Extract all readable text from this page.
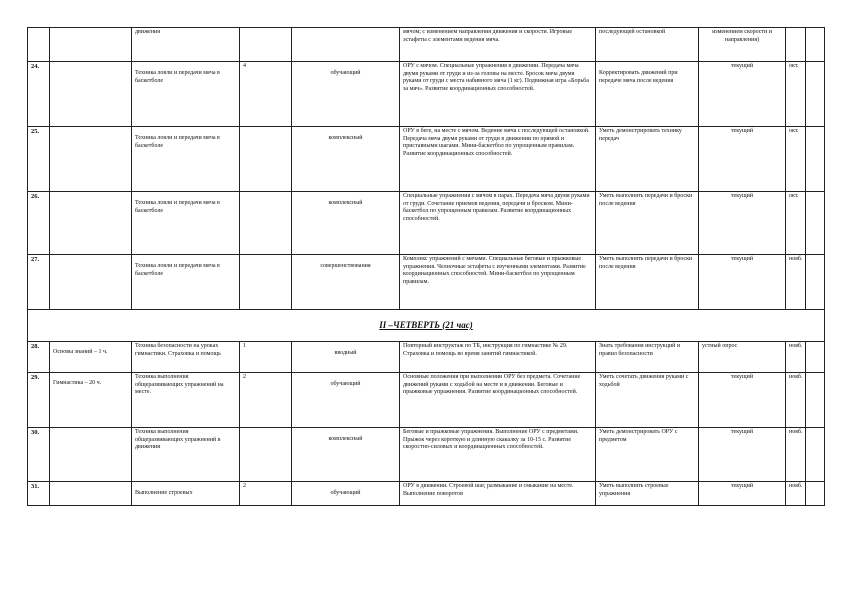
		движения			мячом; с изменением направления движения и скорости. Игровые эстафеты с элементами ведения мяча.	последующей остановкой	изменением скорости и направления)		
24.		Техника ловли и передачи мяча в баскетболе	4	обучающий	ОРУ с мячом. Специальные упражнения в движении. Передача мяча двумя руками от груди и из-за головы на месте. Бросок мяча двумя руками от груди с места набивного мяча (1 кг). Подвижная игра «Борьба за мяч». Развитие координационных способностей.	Корректировать движений при передаче мяча после ведения	текущий	окт.	
25.		Техника ловли и передачи мяча в баскетболе		комплексный	ОРУ в беге, на месте с мячом. Ведение мяча с последующей остановкой. Передача мяча двумя руками от груди в движении по прямой и приставными шагами. Мини-баскетбол по упрощенным правилам. Развитие координационных способностей.	Уметь демонстрировать технику передач	текущий	окт.	
26.		Техника ловли и передачи мяча в баскетболе		комплексный	Специальные упражнения с мячом в парах. Передача мяча двумя руками от груди. Сочетание приемов ведения, передачи и броском. Мини-баскетбол по упрощенным правилам. Развитие координационных способностей.	Уметь выполнять передачи и броски после ведения	текущий	окт.	
27.		Техника ловли и передачи мяча в баскетболе		совершенствования	Комплекс упражнений с мячами. Специальные беговые и прыжковые упражнения. Челночные эстафеты с изученными элементами. Развитие координационных способностей. Мини-баскетбол по упрощенным правилам.	Уметь выполнять передачи и броски после ведения	текущий	нояб.	
II –ЧЕТВЕРТЬ (21 час)									
28.	Основы знаний – 1 ч.	Техника безопасности на уроках гимнастики. Страховка и помощь	1	вводный	Повторный инструктаж по ТБ, инструкция по гимнастике № 29. Страховка и помощь во время занятий гимнастикой.	Знать требования инструкций и правил безопасности	устный опрос	нояб.	
29.	Гимнастика – 20 ч.	Техника выполнения общеразвивающих упражнений на месте.	2	обучающий	Основные положения при выполнении ОРУ без предмета. Сочетание движений руками с ходьбой на месте и в движении. Беговые и прыжковые упражнения. Развитие координационных способностей.	Уметь сочетать движения руками с ходьбой	текущий	нояб.	
30.		Техника выполнения общеразвивающих упражнений в движении		комплексный	Беговые и прыжковые упражнения. Выполнение ОРУ с предметами. Прыжок через короткую и длинную скакалку за 10-15 с. Развитие скоростно-силовых и координационных способностей.	Уметь демонстрировать ОРУ с предметом	текущий	нояб.	
31.		Выполнение строевых	2	обучающий	ОРУ в движении. Строевой шаг, размыкание и смыкание на месте. Выполнение поворотов	Уметь выполнять строевые упражнения	текущий	нояб.	
